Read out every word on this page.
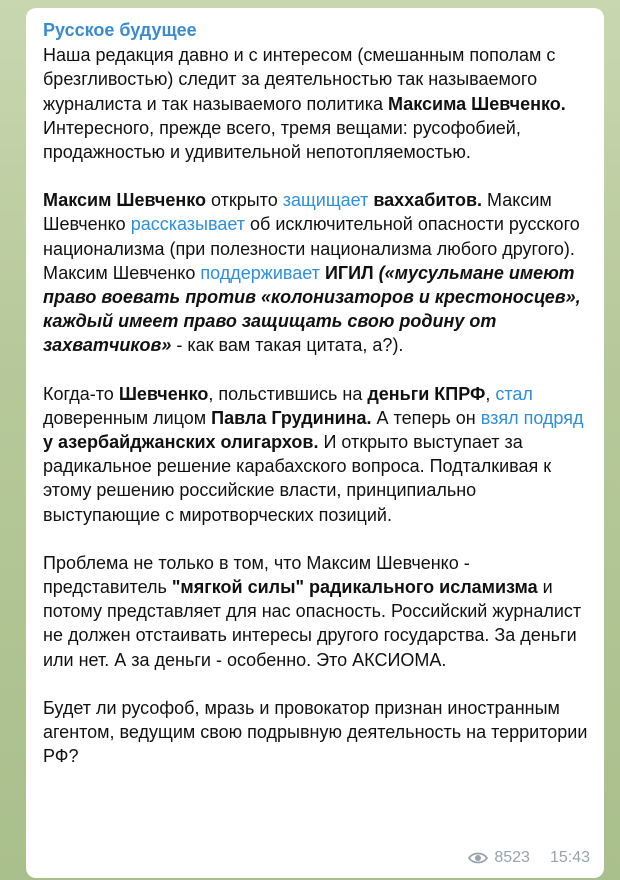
Русское будущее

Наша редакция давно и с интересом (смешанным пополам с брезгливостью) следит за деятельностью так называемого журналиста и так называемого политика Максима Шевченко. Интересного, прежде всего, тремя вещами: русофобией, продажностью и удивительной непотопляемостью.

Максим Шевченко открыто защищает ваххабитов. Максим Шевченко рассказывает об исключительной опасности русского национализма (при полезности национализма любого другого). Максим Шевченко поддерживает ИГИЛ («мусульмане имеют право воевать против «колонизаторов и крестоносцев», каждый имеет право защищать свою родину от захватчиков» - как вам такая цитата, а?).

Когда-то Шевченко, польстившись на деньги КПРФ, стал доверенным лицом Павла Грудинина. А теперь он взял подряд у азербайджанских олигархов. И открыто выступает за радикальное решение карабахского вопроса. Подталкивая к этому решению российские власти, принципиально выступающие с миротворческих позиций.

Проблема не только в том, что Максим Шевченко - представитель "мягкой силы" радикального исламизма и потому представляет для нас опасность. Российский журналист не должен отстаивать интересы другого государства. За деньги или нет. А за деньги - особенно. Это АКСИОМА.

Будет ли русофоб, мразь и провокатор признан иностранным агентом, ведущим свою подрывную деятельность на территории РФ?

8523 15:43
